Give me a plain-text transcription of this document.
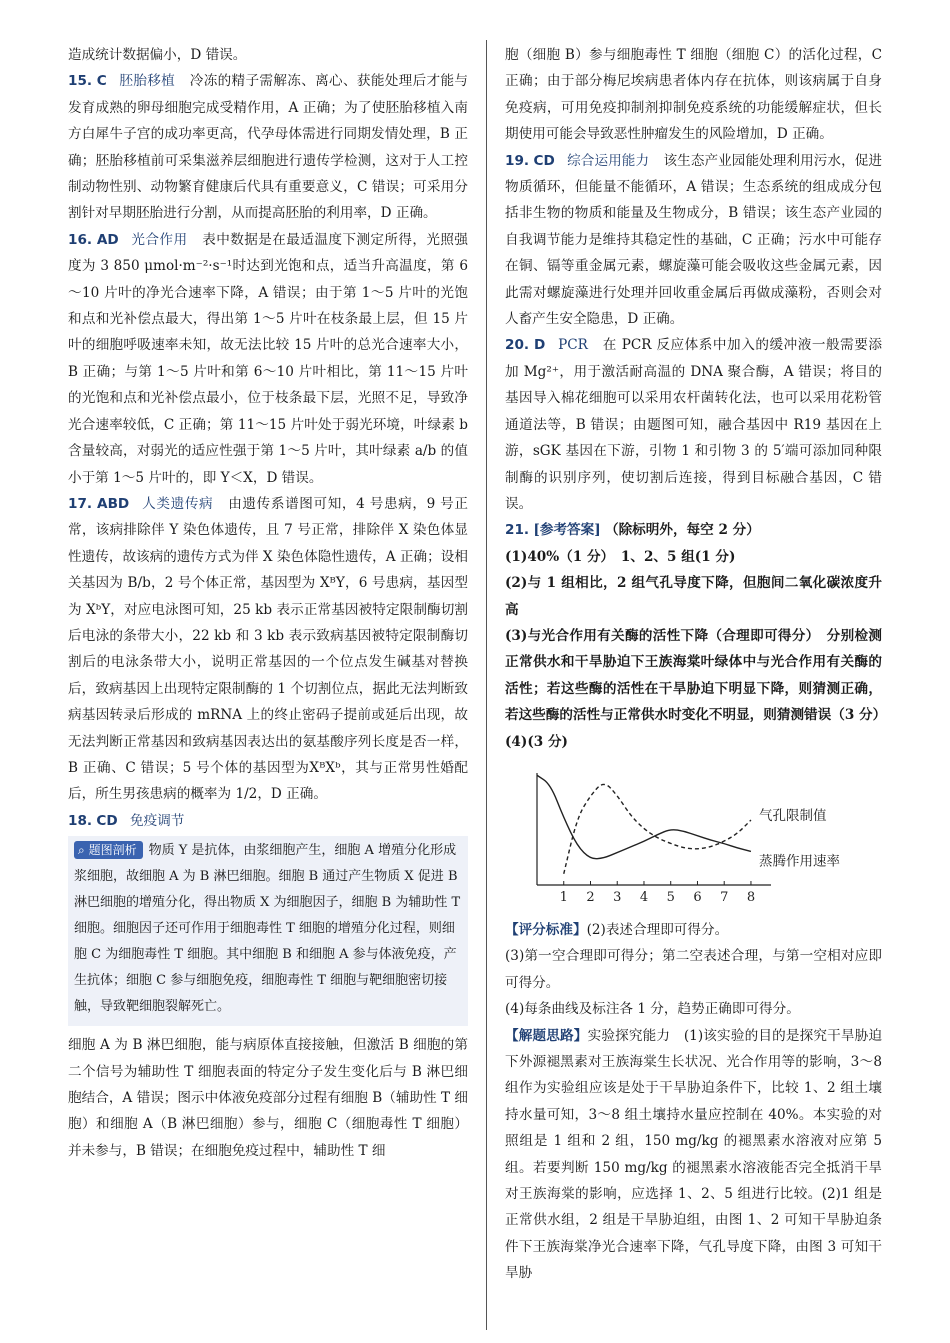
造成统计数据偏小，D 错误。

15. C 胚胎移植 冷冻的精子需解冻、离心、获能处理后才能与发育成熟的卵母细胞完成受精作用，A 正确；为了使胚胎移植入南方白犀牛子宫的成功率更高，代孕母体需进行同期发情处理，B 正确；胚胎移植前可采集滋养层细胞进行遗传学检测，这对于人工控制动物性别、动物繁育健康后代具有重要意义，C 错误；可采用分割针对早期胚胎进行分割，从而提高胚胎的利用率，D 正确。

16. AD 光合作用 表中数据是在最适温度下测定所得，光照强度为 3 850 μmol·m⁻²·s⁻¹时达到光饱和点，适当升高温度，第 6～10 片叶的净光合速率下降，A 错误；由于第 1～5 片叶的光饱和点和光补偿点最大，得出第 1～5 片叶在枝条最上层，但 15 片叶的细胞呼吸速率未知，故无法比较 15 片叶的总光合速率大小，B 正确；与第 1～5 片叶和第 6～10 片叶相比，第 11～15 片叶的光饱和点和光补偿点最小，位于枝条最下层，光照不足，导致净光合速率较低，C 正确；第 11～15 片叶处于弱光环境，叶绿素 b 含量较高，对弱光的适应性强于第 1～5 片叶，其叶绿素 a/b 的值小于第 1～5 片叶的，即 Y＜X，D 错误。

17. ABD 人类遗传病 由遗传系谱图可知，4 号患病，9 号正常，该病排除伴 Y 染色体遗传，且 7 号正常，排除伴 X 染色体显性遗传，故该病的遗传方式为伴 X 染色体隐性遗传，A 正确；设相关基因为 B/b，2 号个体正常，基因型为 XᴮY，6 号患病，基因型为 XᵇY，对应电泳图可知，25 kb 表示正常基因被特定限制酶切割后电泳的条带大小，22 kb 和 3 kb 表示致病基因被特定限制酶切割后的电泳条带大小，说明正常基因的一个位点发生碱基对替换后，致病基因上出现特定限制酶的 1 个切割位点，据此无法判断致病基因转录后形成的 mRNA 上的终止密码子提前或延后出现，故无法判断正常基因和致病基因表达出的氨基酸序列长度是否一样，B 正确、C 错误；5 号个体的基因型为XᴮXᵇ，其与正常男性婚配后，所生男孩患病的概率为 1/2，D 正确。

18. CD 免疫调节

⌕ 题图剖析 物质 Y 是抗体，由浆细胞产生，细胞 A 增殖分化形成浆细胞，故细胞 A 为 B 淋巴细胞。细胞 B 通过产生物质 X 促进 B 淋巴细胞的增殖分化，得出物质 X 为细胞因子，细胞 B 为辅助性 T 细胞。细胞因子还可作用于细胞毒性 T 细胞的增殖分化过程，则细胞 C 为细胞毒性 T 细胞。其中细胞 B 和细胞 A 参与体液免疫，产生抗体；细胞 C 参与细胞免疫，细胞毒性 T 细胞与靶细胞密切接触，导致靶细胞裂解死亡。

细胞 A 为 B 淋巴细胞，能与病原体直接接触，但激活 B 细胞的第二个信号为辅助性 T 细胞表面的特定分子发生变化后与 B 淋巴细胞结合，A 错误；图示中体液免疫部分过程有细胞 B（辅助性 T 细胞）和细胞 A（B 淋巴细胞）参与，细胞 C（细胞毒性 T 细胞）并未参与，B 错误；在细胞免疫过程中，辅助性 T 细

胞（细胞 B）参与细胞毒性 T 细胞（细胞 C）的活化过程，C 正确；由于部分梅尼埃病患者体内存在抗体，则该病属于自身免疫病，可用免疫抑制剂抑制免疫系统的功能缓解症状，但长期使用可能会导致恶性肿瘤发生的风险增加，D 正确。

19. CD 综合运用能力 该生态产业园能处理利用污水，促进物质循环，但能量不能循环，A 错误；生态系统的组成成分包括非生物的物质和能量及生物成分，B 错误；该生态产业园的自我调节能力是维持其稳定性的基础，C 正确；污水中可能存在铜、镉等重金属元素，螺旋藻可能会吸收这些金属元素，因此需对螺旋藻进行处理并回收重金属后再做成藻粉，否则会对人畜产生安全隐患，D 正确。

20. D PCR 在 PCR 反应体系中加入的缓冲液一般需要添加 Mg²⁺，用于激活耐高温的 DNA 聚合酶，A 错误；将目的基因导入棉花细胞可以采用农杆菌转化法，也可以采用花粉管通道法等，B 错误；由题图可知，融合基因中 R19 基因在上游，sGK 基因在下游，引物 1 和引物 3 的 5′端可添加同种限制酶的识别序列，使切割后连接，得到目标融合基因，C 错误。

21. [参考答案] （除标明外，每空 2 分）

(1)40%（1 分）　1、2、5 组(1 分)

(2)与 1 组相比，2 组气孔导度下降，但胞间二氧化碳浓度升高

(3)与光合作用有关酶的活性下降（合理即可得分）　分别检测正常供水和干旱胁迫下王族海棠叶绿体中与光合作用有关酶的活性；若这些酶的活性在干旱胁迫下明显下降，则猜测正确，若这些酶的活性与正常供水时变化不明显，则猜测错误（3 分）

(4)(3 分)

1 2 3 4 5 6 7 8
气孔限制值
蒸腾作用速率

【评分标准】(2)表述合理即可得分。

(3)第一空合理即可得分；第二空表述合理，与第一空相对应即可得分。

(4)每条曲线及标注各 1 分，趋势正确即可得分。

【解题思路】实验探究能力　(1)该实验的目的是探究干旱胁迫下外源褪黑素对王族海棠生长状况、光合作用等的影响，3～8 组作为实验组应该是处于干旱胁迫条件下，比较 1、2 组土壤持水量可知，3～8 组土壤持水量应控制在 40%。本实验的对照组是 1 组和 2 组，150 mg/kg 的褪黑素水溶液对应第 5 组。若要判断 150 mg/kg 的褪黑素水溶液能否完全抵消干旱对王族海棠的影响，应选择 1、2、5 组进行比较。(2)1 组是正常供水组，2 组是干旱胁迫组，由图 1、2 可知干旱胁迫条件下王族海棠净光合速率下降，气孔导度下降，由图 3 可知干旱胁
